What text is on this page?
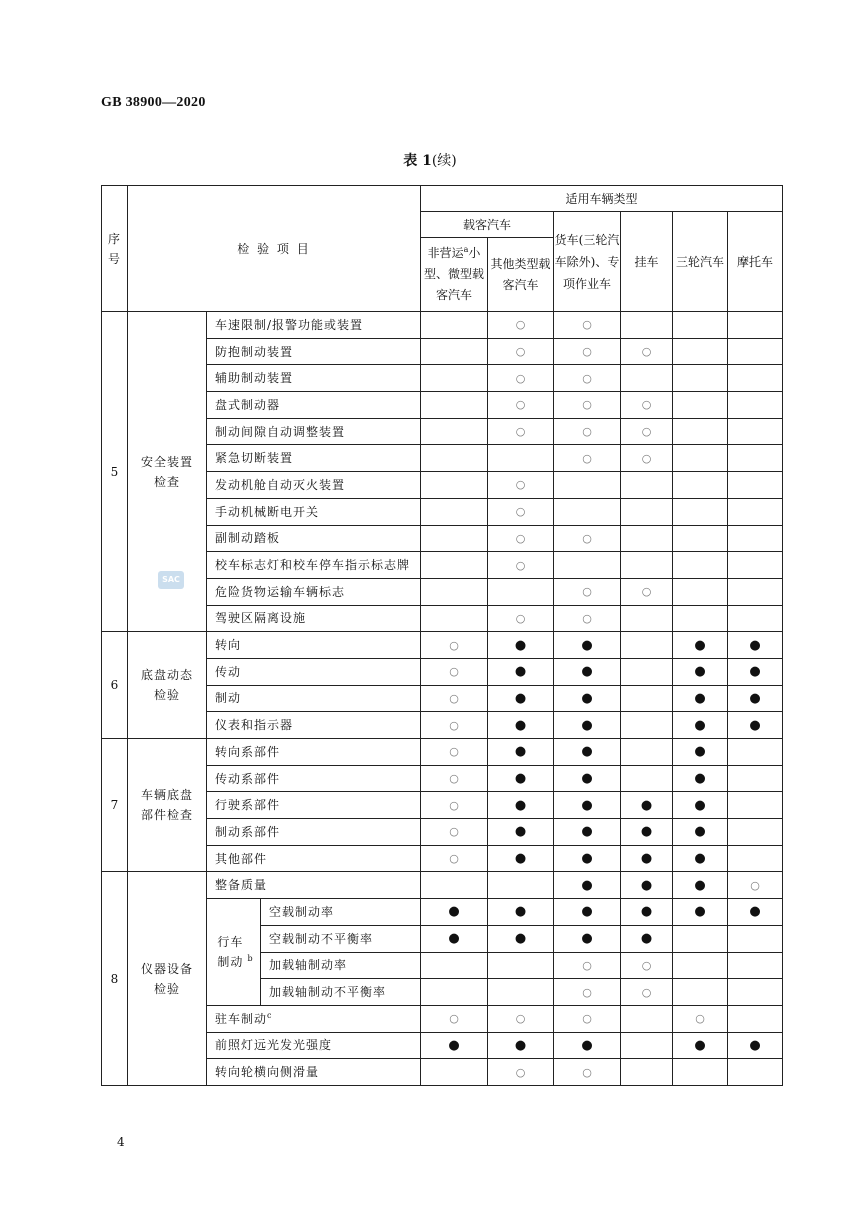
GB 38900—2020
表 1(续)
序号	检 验 项 目			适用车辆类型					
				载客汽车		货车(三轮汽车除外)、专项作业车	挂车	三轮汽车	摩托车
				非营运$^a$小型、微型载客汽车	其他类型载客汽车				
5	安全装置检查	车速限制/报警功能或装置			○	○			
		防抱制动装置			○	○	○		
		辅助制动装置			○	○			
		盘式制动器			○	○	○		
		制动间隙自动调整装置			○	○	○		
		紧急切断装置				○	○		
		发动机舱自动灭火装置			○				
		手动机械断电开关			○				
		副制动踏板			○	○			
		校车标志灯和校车停车指示标志牌			○				
		危险货物运输车辆标志				○	○		
		驾驶区隔离设施			○	○			
6	底盘动态检验	转向		○	●	●		●	●
		传动		○	●	●		●	●
		制动		○	●	●		●	●
		仪表和指示器		○	●	●		●	●
7	车辆底盘部件检查	转向系部件		○	●	●		●	
		传动系部件		○	●	●		●	
		行驶系部件		○	●	●	●	●	
		制动系部件		○	●	●	●	●	
		其他部件		○	●	●	●	●	
8	仪器设备检验	整备质量				●	●	●	○
		行车制动 $^b$	空载制动率	●	●	●	●	●	●
			空载制动不平衡率	●	●	●	●		
			加载轴制动率			○	○		
			加载轴制动不平衡率			○	○		
		驻车制动$^c$		○	○	○		○	
		前照灯远光发光强度		●	●	●		●	●
		转向轮横向侧滑量			○	○			
SAC
4
